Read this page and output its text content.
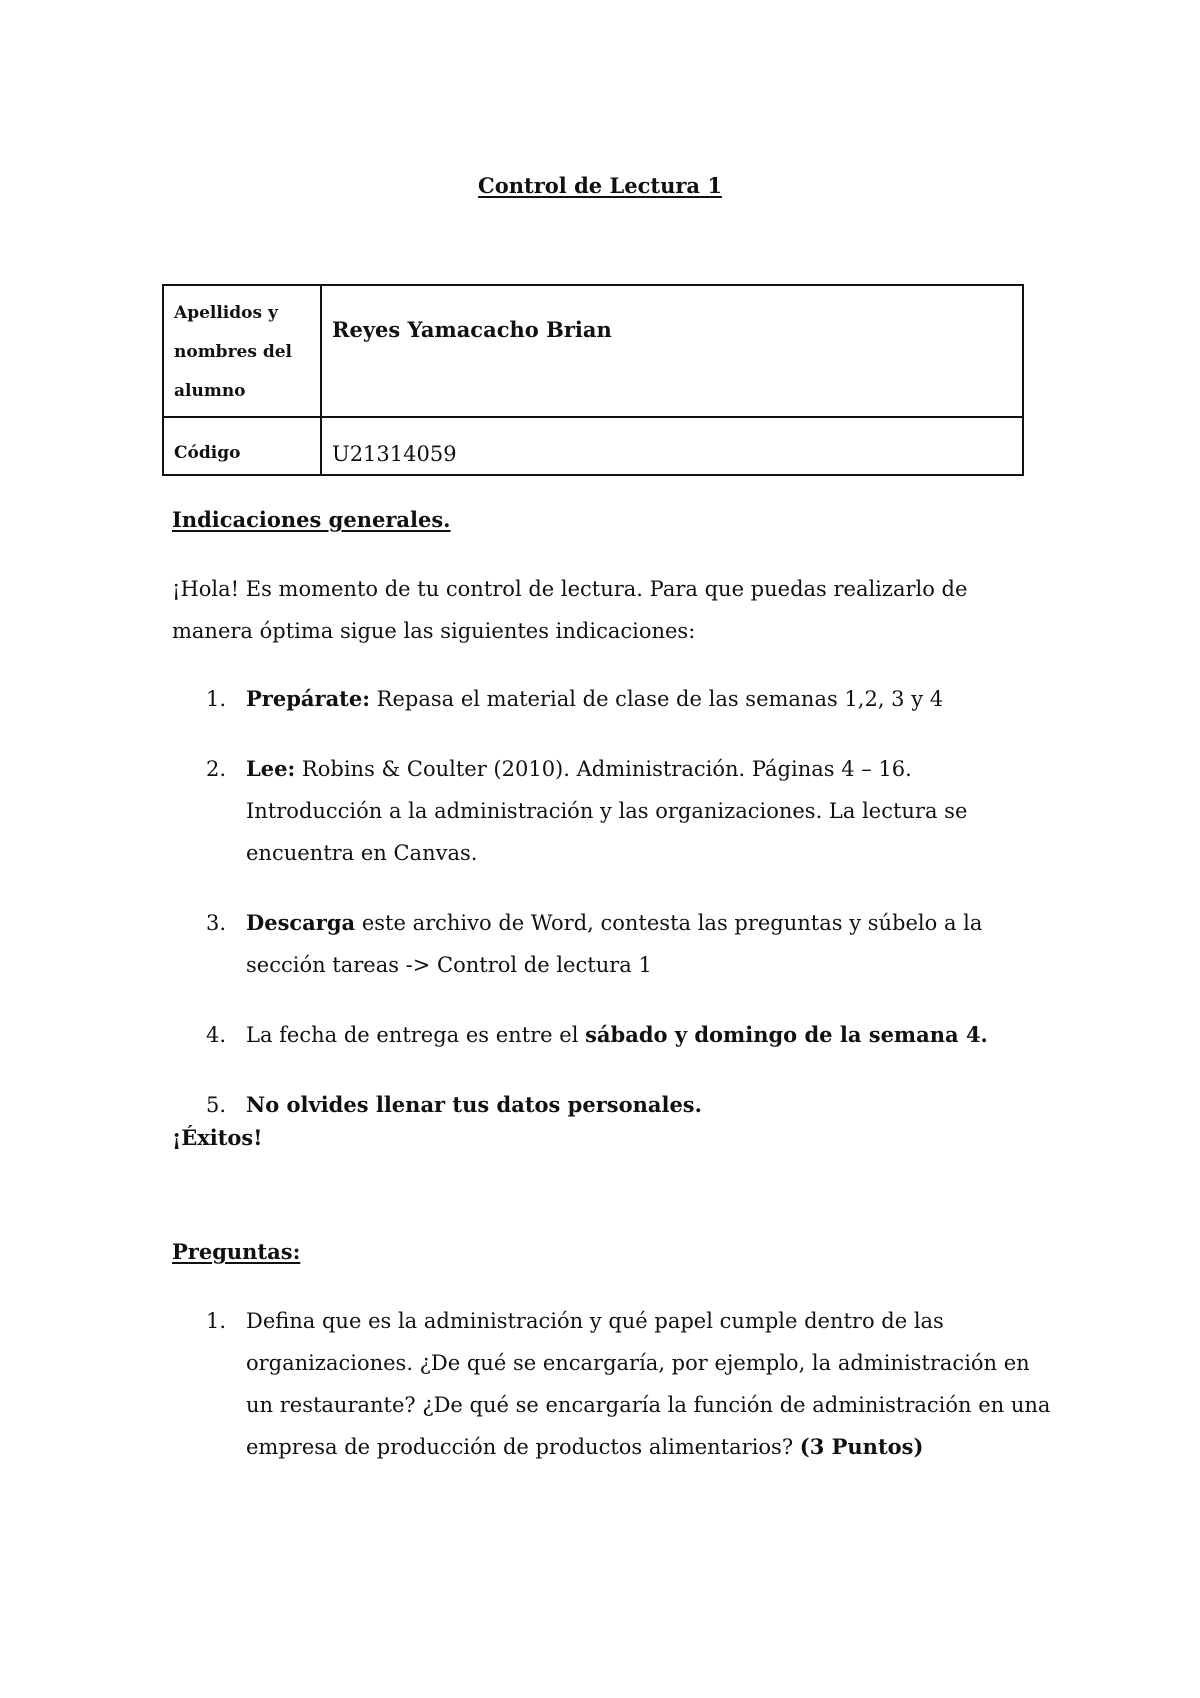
Control de Lectura 1
Apellidos y
nombres del
alumno	Reyes Yamacacho Brian

Código	U21314059
Indicaciones generales.
¡Hola! Es momento de tu control de lectura. Para que puedas realizarlo de manera óptima sigue las siguientes indicaciones:
1. Prepárate: Repasa el material de clase de las semanas 1,2, 3 y 4
2. Lee: Robins & Coulter (2010). Administración. Páginas 4 – 16. Introducción a la administración y las organizaciones. La lectura se encuentra en Canvas.
3. Descarga este archivo de Word, contesta las preguntas y súbelo a la sección tareas -> Control de lectura 1
4. La fecha de entrega es entre el sábado y domingo de la semana 4.
5. No olvides llenar tus datos personales.
¡Éxitos!
Preguntas:
1. Defina que es la administración y qué papel cumple dentro de las organizaciones. ¿De qué se encargaría, por ejemplo, la administración en un restaurante? ¿De qué se encargaría la función de administración en una empresa de producción de productos alimentarios? (3 Puntos)
